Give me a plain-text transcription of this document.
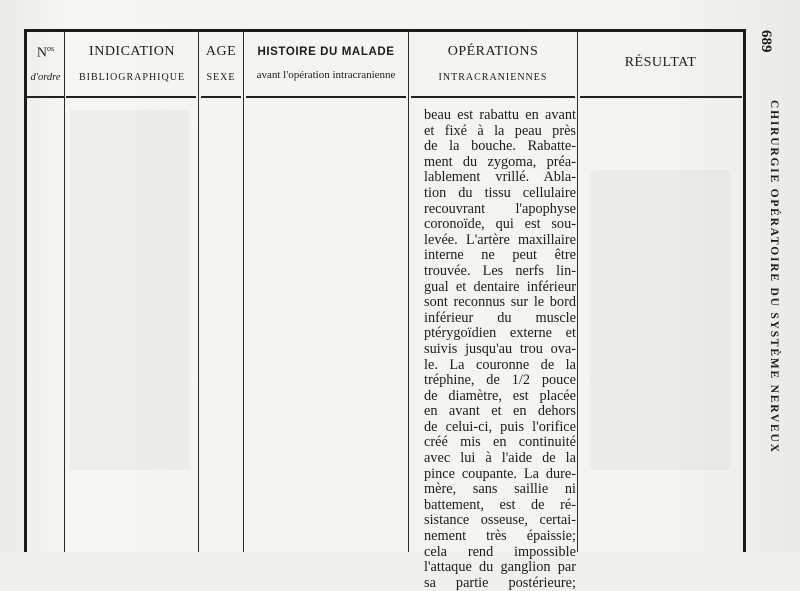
$N^{os}$
d'ordre
INDICATION
BIBLIOGRAPHIQUE
AGE
SEXE
HISTOIRE DU MALADE
avant l'opération intracranienne
OPÉRATIONS
INTRACRANIENNES
RÉSULTAT
beau est rabattu en avant
et fixé à la peau près
de la bouche. Rabatte-
ment du zygoma, préa-
lablement vrillé. Abla-
tion du tissu cellulaire
recouvrant l'apophyse
coronoïde, qui est sou-
levée. L'artère maxillaire
interne ne peut être
trouvée. Les nerfs lin-
gual et dentaire inférieur
sont reconnus sur le bord
inférieur du muscle
ptérygoïdien externe et
suivis jusqu'au trou ova-
le. La couronne de la
tréphine, de 1/2 pouce
de diamètre, est placée
en avant et en dehors
de celui-ci, puis l'orifice
créé mis en continuité
avec lui à l'aide de la
pince coupante. La dure-
mère, sans saillie ni
battement, est de ré-
sistance osseuse, certai-
nement très épaissie;
cela rend impossible
l'attaque du ganglion par
sa partie postérieure;
689
CHIRURGIE OPÉRATOIRE DU SYSTÈME NERVEUX
